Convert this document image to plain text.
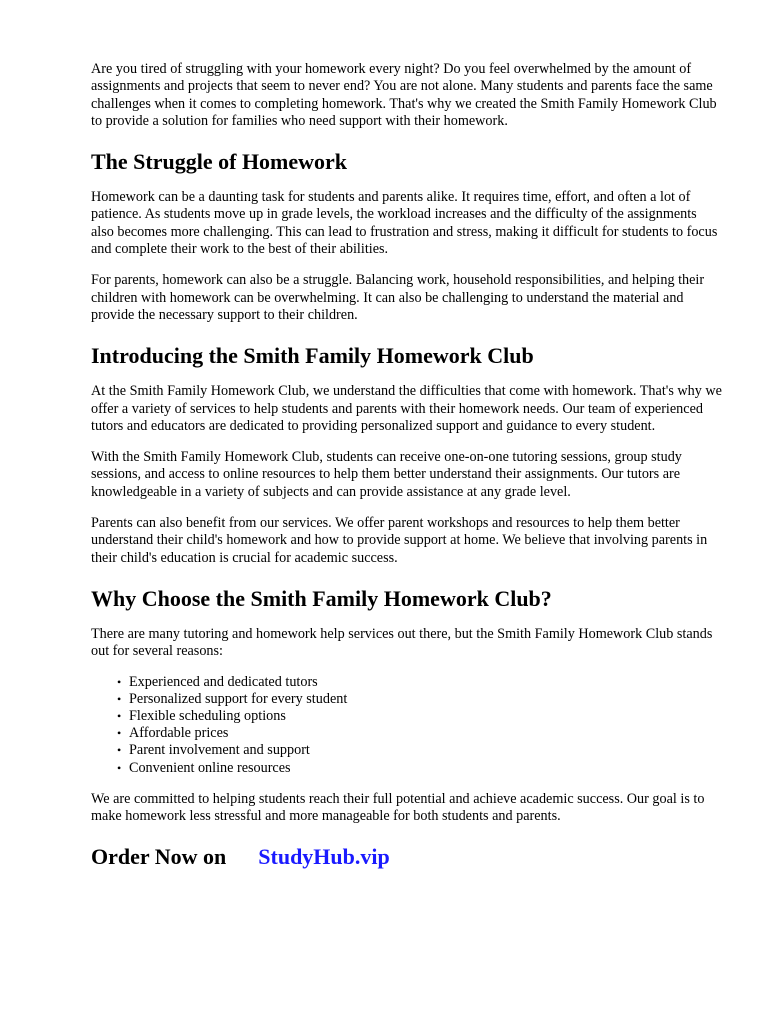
Are you tired of struggling with your homework every night? Do you feel overwhelmed by the amount of assignments and projects that seem to never end? You are not alone. Many students and parents face the same challenges when it comes to completing homework. That's why we created the Smith Family Homework Club to provide a solution for families who need support with their homework.

The Struggle of Homework

Homework can be a daunting task for students and parents alike. It requires time, effort, and often a lot of patience. As students move up in grade levels, the workload increases and the difficulty of the assignments also becomes more challenging. This can lead to frustration and stress, making it difficult for students to focus and complete their work to the best of their abilities.

For parents, homework can also be a struggle. Balancing work, household responsibilities, and helping their children with homework can be overwhelming. It can also be challenging to understand the material and provide the necessary support to their children.

Introducing the Smith Family Homework Club

At the Smith Family Homework Club, we understand the difficulties that come with homework. That's why we offer a variety of services to help students and parents with their homework needs. Our team of experienced tutors and educators are dedicated to providing personalized support and guidance to every student.

With the Smith Family Homework Club, students can receive one-on-one tutoring sessions, group study sessions, and access to online resources to help them better understand their assignments. Our tutors are knowledgeable in a variety of subjects and can provide assistance at any grade level.

Parents can also benefit from our services. We offer parent workshops and resources to help them better understand their child's homework and how to provide support at home. We believe that involving parents in their child's education is crucial for academic success.

Why Choose the Smith Family Homework Club?

There are many tutoring and homework help services out there, but the Smith Family Homework Club stands out for several reasons:

• Experienced and dedicated tutors
• Personalized support for every student
• Flexible scheduling options
• Affordable prices
• Parent involvement and support
• Convenient online resources

We are committed to helping students reach their full potential and achieve academic success. Our goal is to make homework less stressful and more manageable for both students and parents.

Order Now on StudyHub.vip
